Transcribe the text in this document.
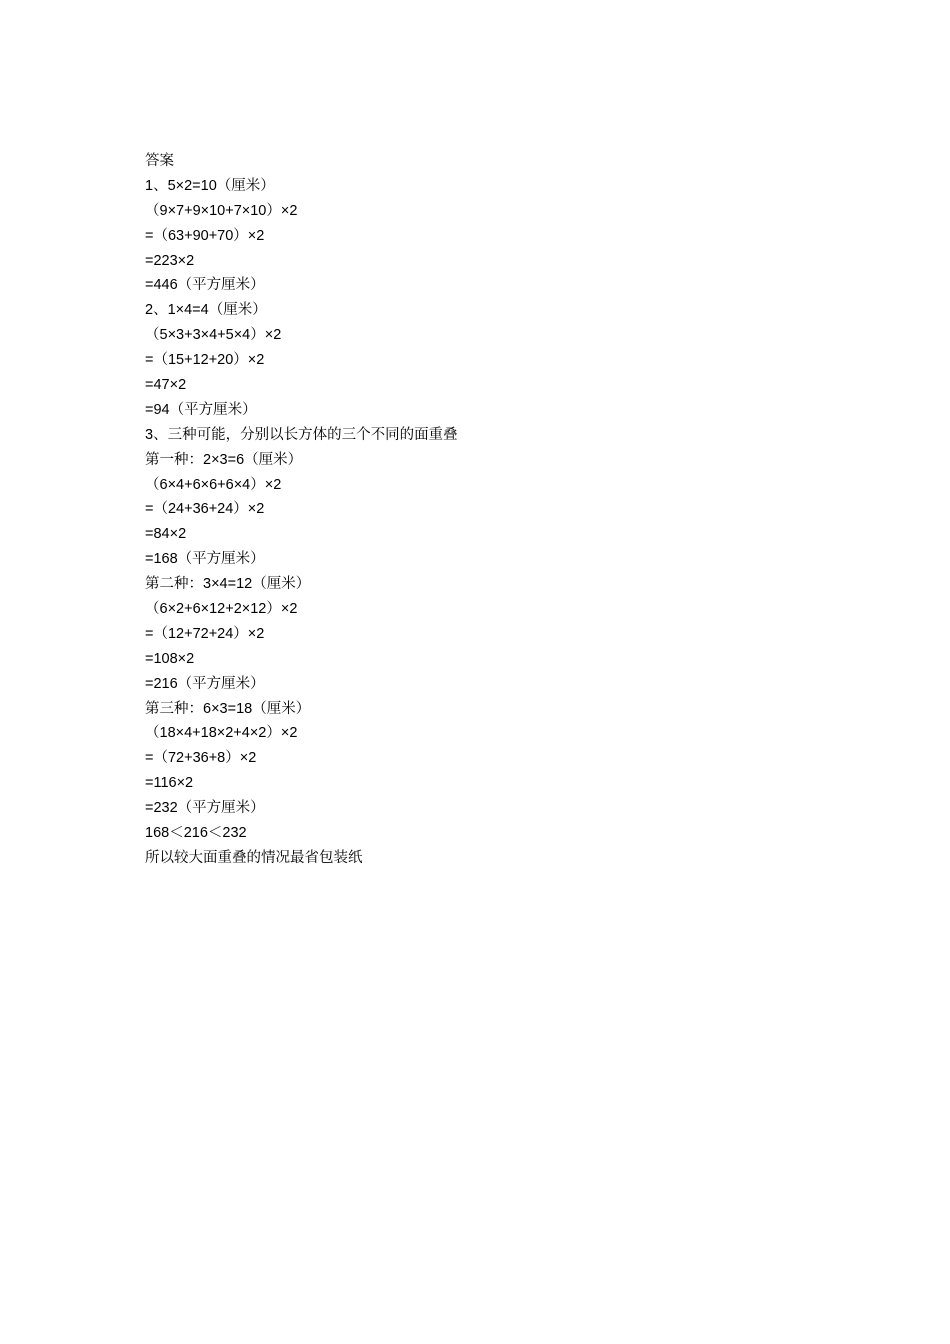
答案
1、5×2=10（厘米）
（9×7+9×10+7×10）×2
=（63+90+70）×2
=223×2
=446（平方厘米）
2、1×4=4（厘米）
（5×3+3×4+5×4）×2
=（15+12+20）×2
=47×2
=94（平方厘米）
3、三种可能，分别以长方体的三个不同的面重叠
第一种：2×3=6（厘米）
（6×4+6×6+6×4）×2
=（24+36+24）×2
=84×2
=168（平方厘米）
第二种：3×4=12（厘米）
（6×2+6×12+2×12）×2
=（12+72+24）×2
=108×2
=216（平方厘米）
第三种：6×3=18（厘米）
（18×4+18×2+4×2）×2
=（72+36+8）×2
=116×2
=232（平方厘米）
168＜216＜232
所以较大面重叠的情况最省包装纸
